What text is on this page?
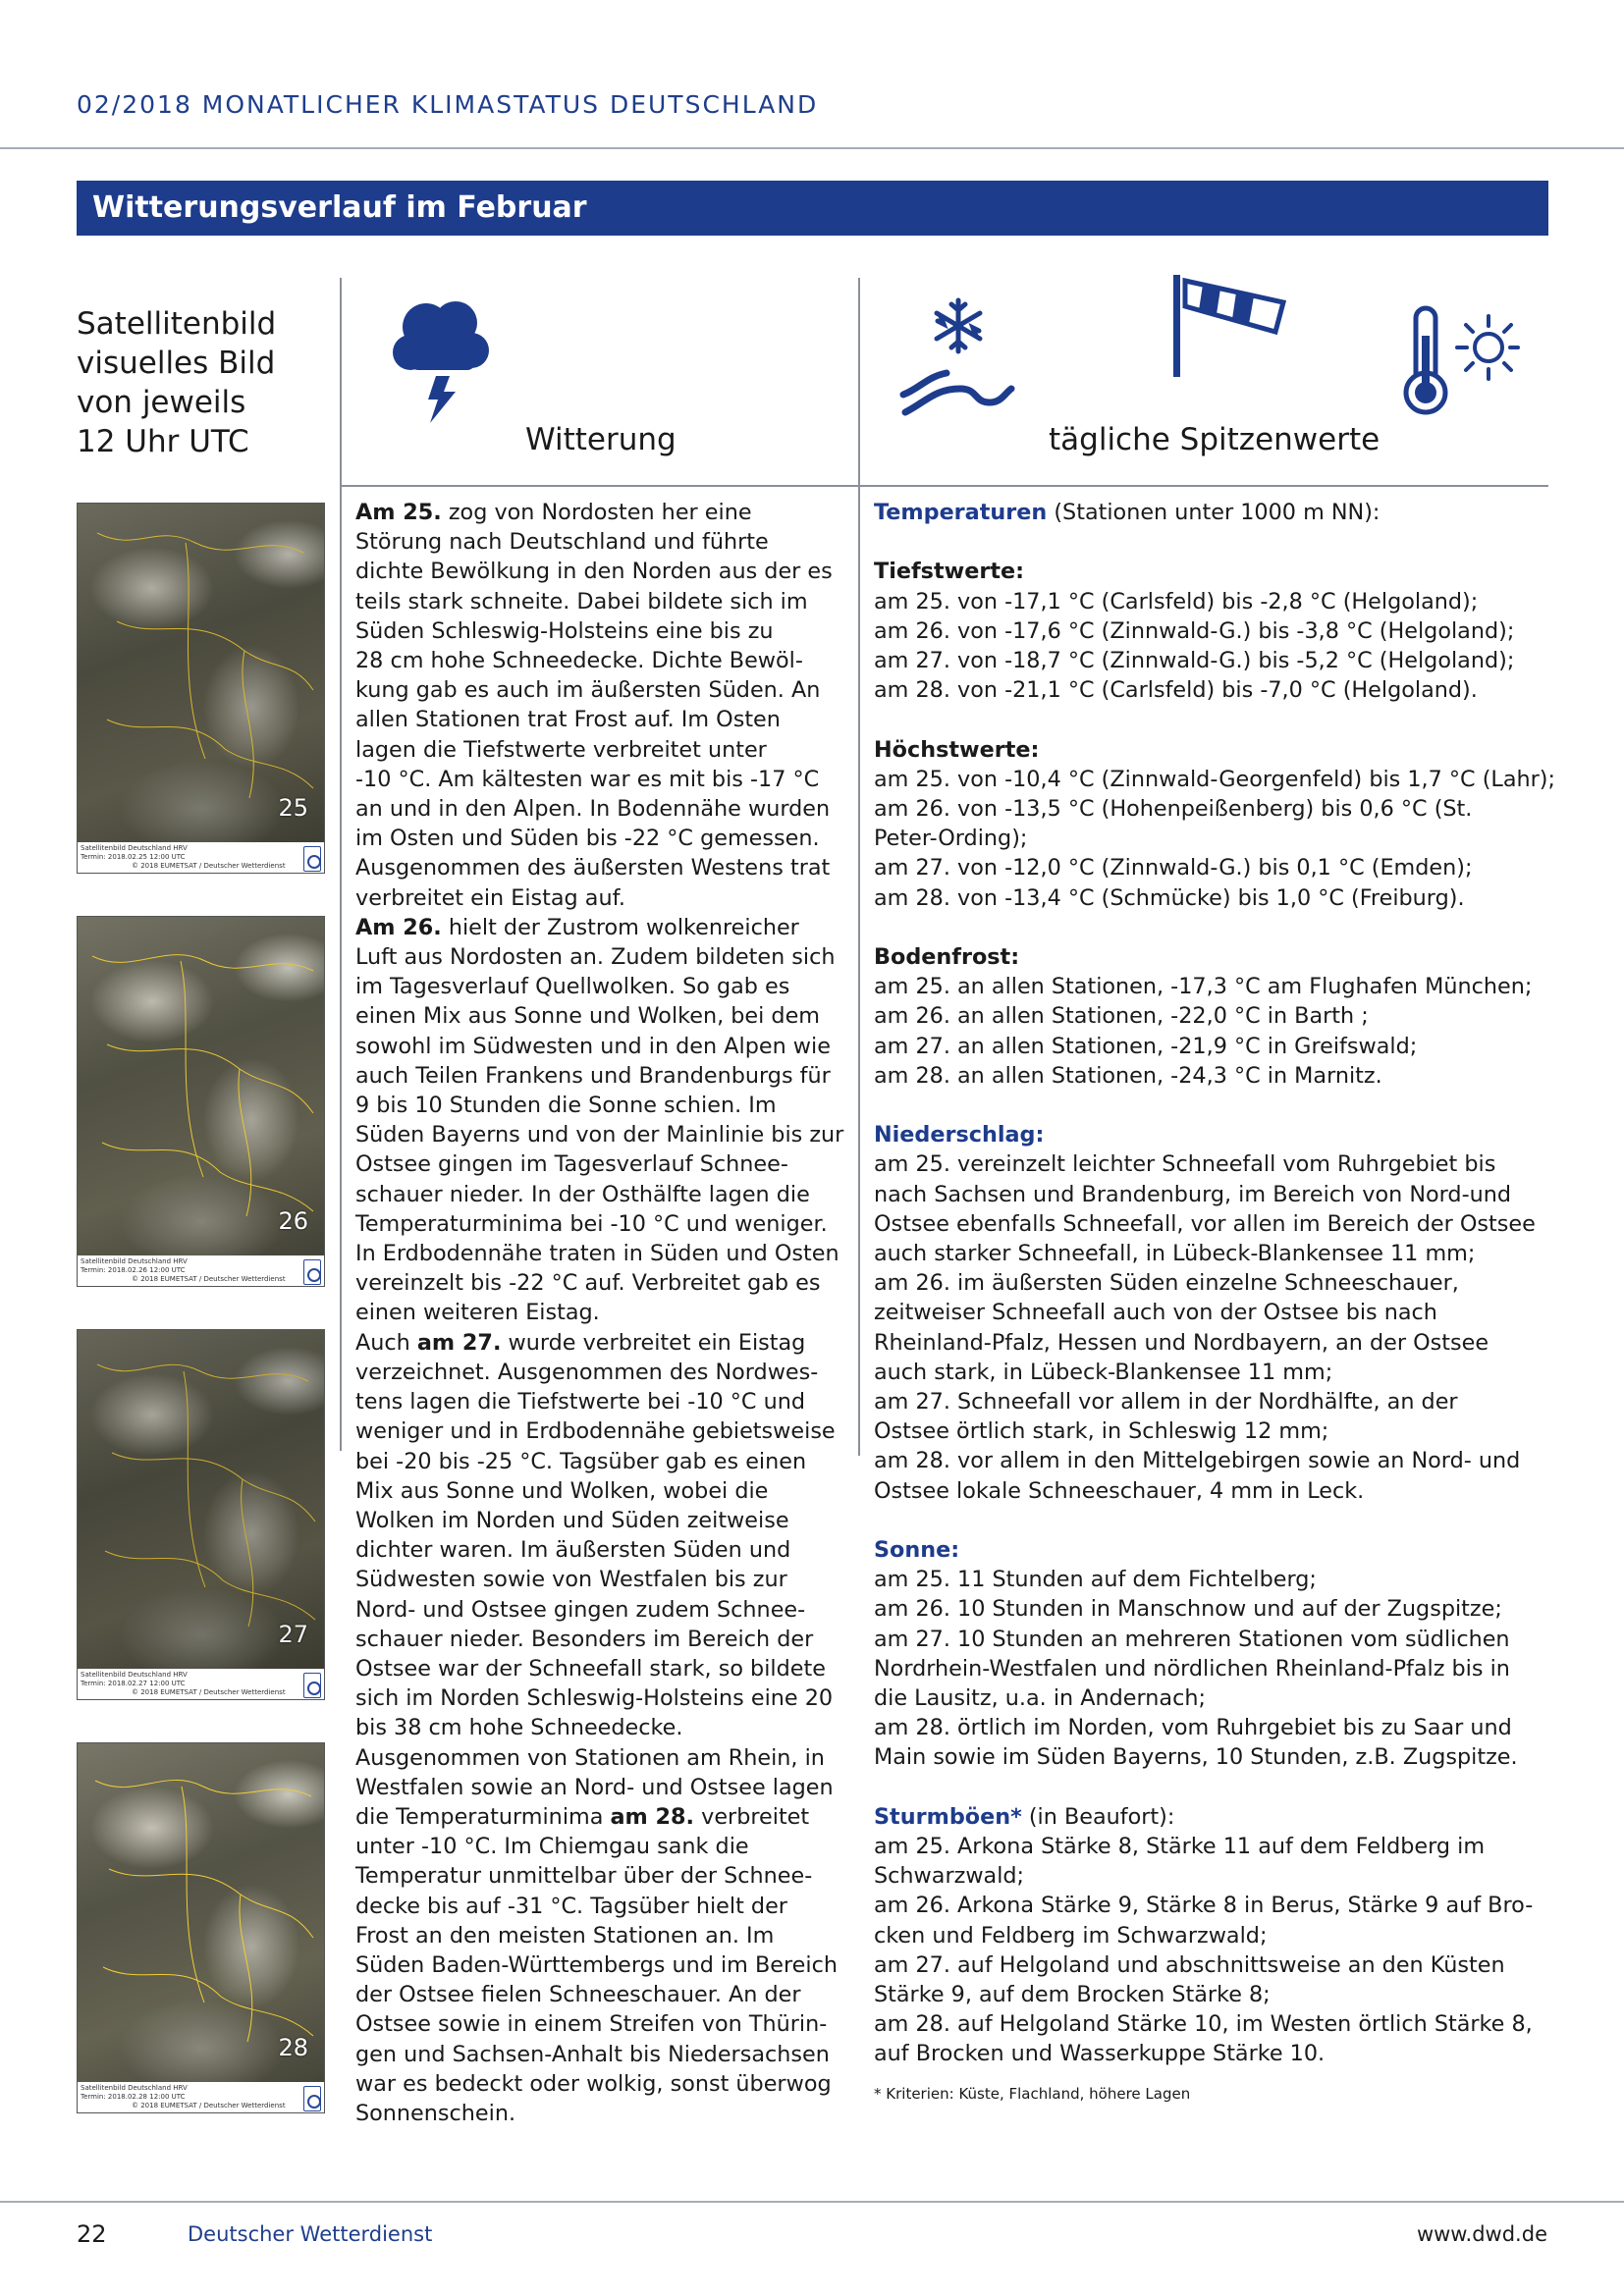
02/2018 MONATLICHER KLIMASTATUS DEUTSCHLAND
Witterungsverlauf im Februar
Satellitenbild
visuelles Bild
von jeweils
12 Uhr UTC	Witterung	tägliche Spitzenwerte
25
Satellitenbild Deutschland HRV
Termin: 2018.02.25 12:00 UTC
© 2018 EUMETSAT / Deutscher Wetterdienst
26
Satellitenbild Deutschland HRV
Termin: 2018.02.26 12:00 UTC
© 2018 EUMETSAT / Deutscher Wetterdienst
27
Satellitenbild Deutschland HRV
Termin: 2018.02.27 12:00 UTC
© 2018 EUMETSAT / Deutscher Wetterdienst
28
Satellitenbild Deutschland HRV
Termin: 2018.02.28 12:00 UTC
© 2018 EUMETSAT / Deutscher Wetterdienst
Am 25. zog von Nordosten her eine
Störung nach Deutschland und führte
dichte Bewölkung in den Norden aus der es
teils stark schneite. Dabei bildete sich im
Süden Schleswig-Holsteins eine bis zu
28 cm hohe Schneedecke. Dichte Bewöl-
kung gab es auch im äußersten Süden. An
allen Stationen trat Frost auf. Im Osten
lagen die Tiefstwerte verbreitet unter
-10 °C. Am kältesten war es mit bis -17 °C
an und in den Alpen. In Bodennähe wurden
im Osten und Süden bis -22 °C gemessen.
Ausgenommen des äußersten Westens trat
verbreitet ein Eistag auf.
Am 26. hielt der Zustrom wolkenreicher
Luft aus Nordosten an. Zudem bildeten sich
im Tagesverlauf Quellwolken. So gab es
einen Mix aus Sonne und Wolken, bei dem
sowohl im Südwesten und in den Alpen wie
auch Teilen Frankens und Brandenburgs für
9 bis 10 Stunden die Sonne schien. Im
Süden Bayerns und von der Mainlinie bis zur
Ostsee gingen im Tagesverlauf Schnee-
schauer nieder. In der Osthälfte lagen die
Temperaturminima bei -10 °C und weniger.
In Erdbodennähe traten in Süden und Osten
vereinzelt bis -22 °C auf. Verbreitet gab es
einen weiteren Eistag.
Auch am 27. wurde verbreitet ein Eistag
verzeichnet. Ausgenommen des Nordwes-
tens lagen die Tiefstwerte bei -10 °C und
weniger und in Erdbodennähe gebietsweise
bei -20 bis -25 °C. Tagsüber gab es einen
Mix aus Sonne und Wolken, wobei die
Wolken im Norden und Süden zeitweise
dichter waren. Im äußersten Süden und
Südwesten sowie von Westfalen bis zur
Nord- und Ostsee gingen zudem Schnee-
schauer nieder. Besonders im Bereich der
Ostsee war der Schneefall stark, so bildete
sich im Norden Schleswig-Holsteins eine 20
bis 38 cm hohe Schneedecke.
Ausgenommen von Stationen am Rhein, in
Westfalen sowie an Nord- und Ostsee lagen
die Temperaturminima am 28. verbreitet
unter -10 °C. Im Chiemgau sank die
Temperatur unmittelbar über der Schnee-
decke bis auf -31 °C. Tagsüber hielt der
Frost an den meisten Stationen an. Im
Süden Baden-Württembergs und im Bereich
der Ostsee fielen Schneeschauer. An der
Ostsee sowie in einem Streifen von Thürin-
gen und Sachsen-Anhalt bis Niedersachsen
war es bedeckt oder wolkig, sonst überwog
Sonnenschein.
Temperaturen (Stationen unter 1000 m NN):
Tiefstwerte:
am 25. von -17,1 °C (Carlsfeld) bis -2,8 °C (Helgoland);
am 26. von -17,6 °C (Zinnwald-G.) bis -3,8 °C (Helgoland);
am 27. von -18,7 °C (Zinnwald-G.) bis -5,2 °C (Helgoland);
am 28. von -21,1 °C (Carlsfeld) bis -7,0 °C (Helgoland).
Höchstwerte:
am 25. von -10,4 °C (Zinnwald-Georgenfeld) bis 1,7 °C (Lahr);
am 26. von -13,5 °C (Hohenpeißenberg) bis 0,6 °C (St.
Peter-Ording);
am 27. von -12,0 °C (Zinnwald-G.) bis 0,1 °C (Emden);
am 28. von -13,4 °C (Schmücke) bis 1,0 °C (Freiburg).
Bodenfrost:
am 25. an allen Stationen, -17,3 °C am Flughafen München;
am 26. an allen Stationen, -22,0 °C in Barth ;
am 27. an allen Stationen, -21,9 °C in Greifswald;
am 28. an allen Stationen, -24,3 °C in Marnitz.
Niederschlag:
am 25. vereinzelt leichter Schneefall vom Ruhrgebiet bis
nach Sachsen und Brandenburg, im Bereich von Nord-und
Ostsee ebenfalls Schneefall, vor allen im Bereich der Ostsee
auch starker Schneefall, in Lübeck-Blankensee 11 mm;
am 26. im äußersten Süden einzelne Schneeschauer,
zeitweiser Schneefall auch von der Ostsee bis nach
Rheinland-Pfalz, Hessen und Nordbayern, an der Ostsee
auch stark, in Lübeck-Blankensee 11 mm;
am 27. Schneefall vor allem in der Nordhälfte, an der
Ostsee örtlich stark, in Schleswig 12 mm;
am 28. vor allem in den Mittelgebirgen sowie an Nord- und
Ostsee lokale Schneeschauer, 4 mm in Leck.
Sonne:
am 25. 11 Stunden auf dem Fichtelberg;
am 26. 10 Stunden in Manschnow und auf der Zugspitze;
am 27. 10 Stunden an mehreren Stationen vom südlichen
Nordrhein-Westfalen und nördlichen Rheinland-Pfalz bis in
die Lausitz, u.a. in Andernach;
am 28. örtlich im Norden, vom Ruhrgebiet bis zu Saar und
Main sowie im Süden Bayerns, 10 Stunden, z.B. Zugspitze.
Sturmböen* (in Beaufort):
am 25. Arkona Stärke 8, Stärke 11 auf dem Feldberg im
Schwarzwald;
am 26. Arkona Stärke 9, Stärke 8 in Berus, Stärke 9 auf Bro-
cken und Feldberg im Schwarzwald;
am 27. auf Helgoland und abschnittsweise an den Küsten
Stärke 9, auf dem Brocken Stärke 8;
am 28. auf Helgoland Stärke 10, im Westen örtlich Stärke 8,
auf Brocken und Wasserkuppe Stärke 10.
* Kriterien: Küste, Flachland, höhere Lagen
22	Deutscher Wetterdienst	www.dwd.de
